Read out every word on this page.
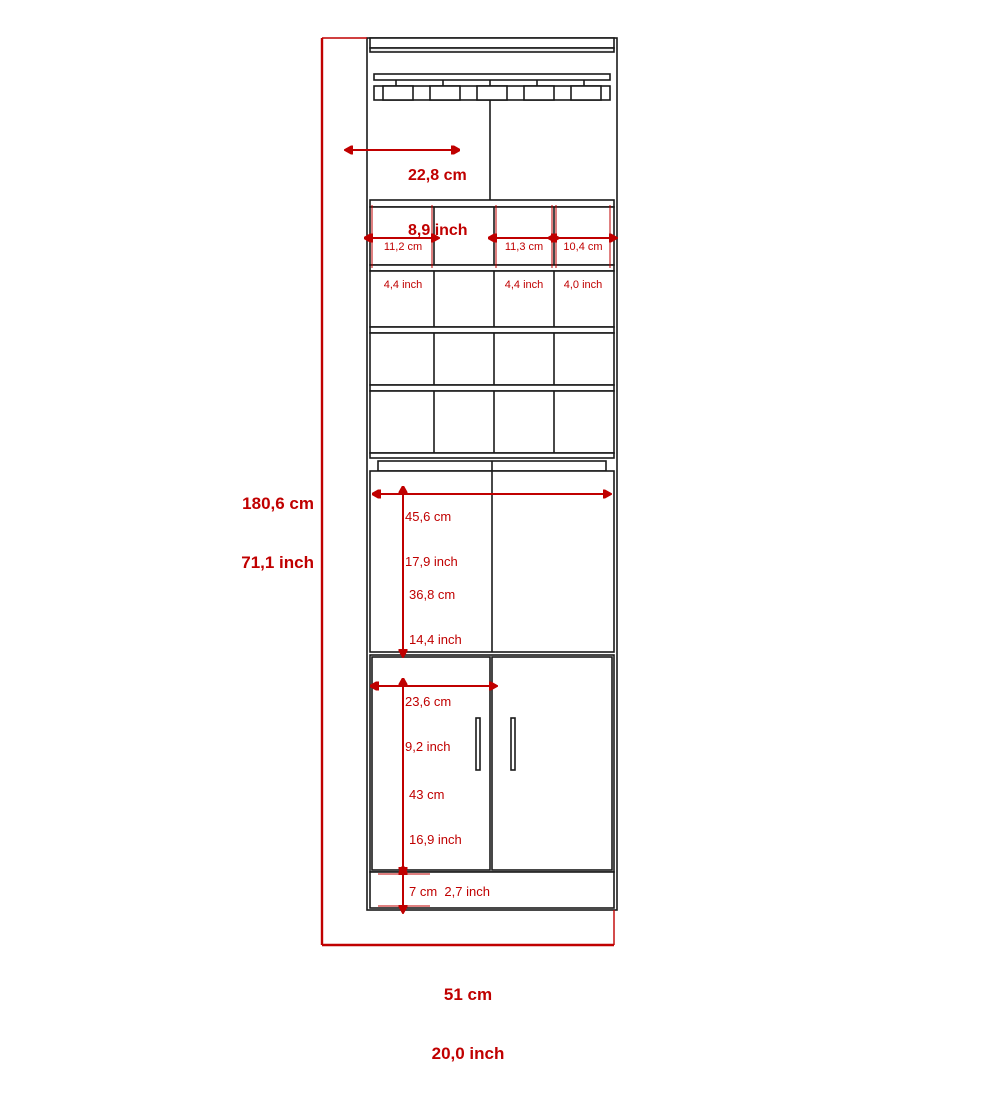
180,6 cm

71,1 inch

51 cm

20,0 inch

22,8 cm

8,9 inch

11,2 cm

4,4 inch

11,3 cm

4,4 inch

10,4 cm

4,0 inch

45,6 cm

17,9 inch

36,8 cm

14,4 inch

23,6 cm

9,2 inch

43 cm

16,9 inch

7 cm  2,7 inch
